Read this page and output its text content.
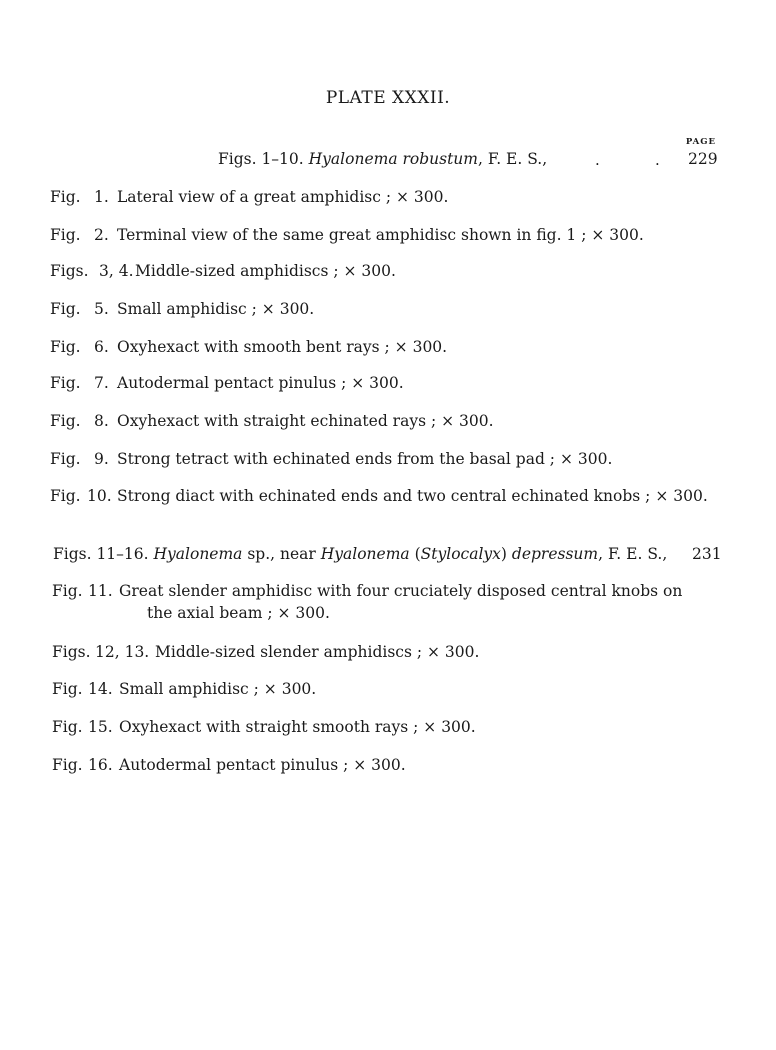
PLATE XXXII.
PAGE
Figs. 1–10. Hyalonema robustum, F. E. S.,	.	. 229
Fig. 1. Lateral view of a great amphidisc ; × 300.
Fig. 2. Terminal view of the same great amphidisc shown in fig. 1 ; × 300.
Figs. 3, 4. Middle-sized amphidiscs ; × 300.
Fig. 5. Small amphidisc ; × 300.
Fig. 6. Oxyhexact with smooth bent rays ; × 300.
Fig. 7. Autodermal pentact pinulus ; × 300.
Fig. 8. Oxyhexact with straight echinated rays ; × 300.
Fig. 9. Strong tetract with echinated ends from the basal pad ; × 300.
Fig. 10. Strong diact with echinated ends and two central echinated knobs ; × 300.
Figs. 11–16. Hyalonema sp., near Hyalonema (Stylocalyx) depressum, F. E. S., 231
Fig. 11. Great slender amphidisc with four cruciately disposed central knobs on
the axial beam ; × 300.
Figs. 12, 13. Middle-sized slender amphidiscs ; × 300.
Fig. 14. Small amphidisc ; × 300.
Fig. 15. Oxyhexact with straight smooth rays ; × 300.
Fig. 16. Autodermal pentact pinulus ; × 300.
